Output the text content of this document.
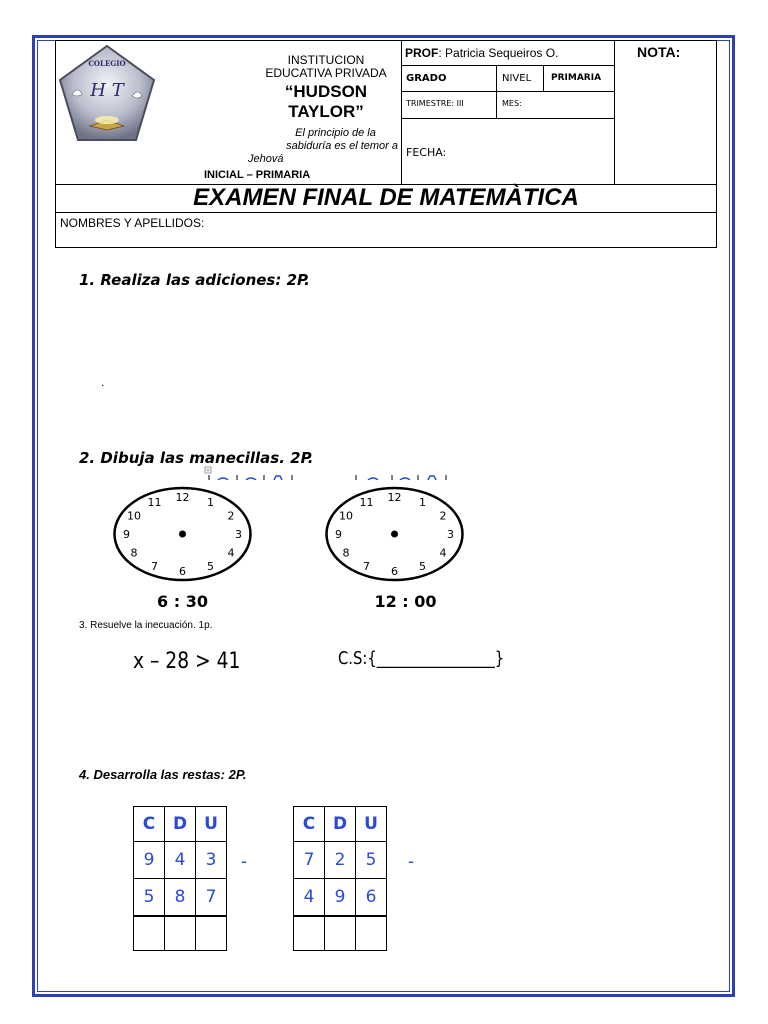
COLEGIO
H T
INSTITUCION
EDUCATIVA PRIVADA
“HUDSON
TAYLOR”
El principio de la
sabiduría es el temor a
Jehová
INICIAL – PRIMARIA
PROF: Patricia Sequeiros O.	NOTA:
GRADO	NIVEL PRIMARIA
TRIMESTRE: III	MES:
FECHA:
EXAMEN FINAL DE MATEMÀTICA
NOMBRES Y APELLIDOS:
1. Realiza las adiciones: 2P.
.
2. Dibuja las manecillas. 2P.
12 1
2
3
4
5
6
7
8
9
10
11	12 1
2
3
4
5
6
7
8
9
10
11
6 : 30	12 : 00
3. Resuelve la inecuación. 1p.
x – 28 > 41	C.S:{________________}
4. Desarrolla las restas: 2P.
C	D	U
9	4	3
5	8	7

-
C	D	U
7	2	5
4	9	6

-
